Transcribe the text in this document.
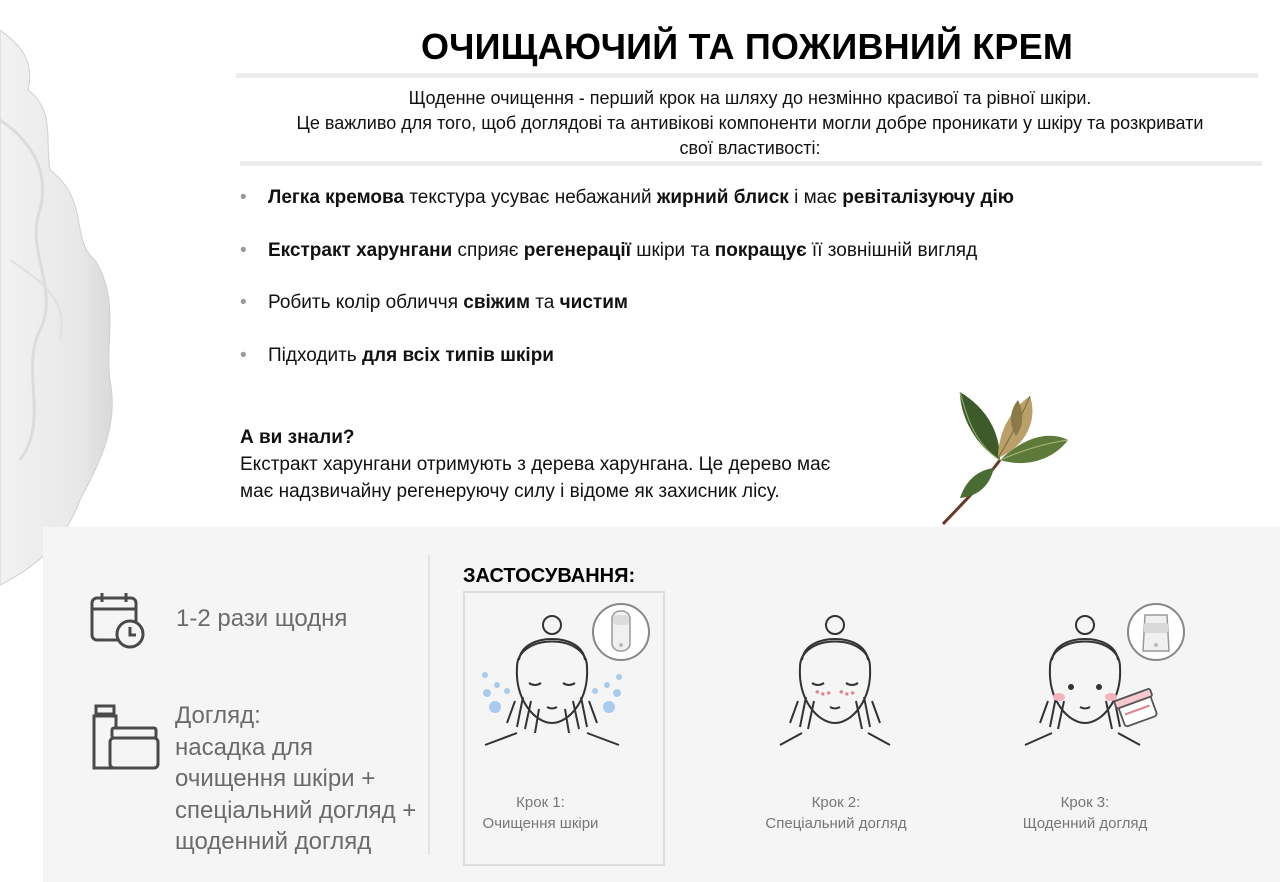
ОЧИЩАЮЧИЙ ТА ПОЖИВНИЙ КРЕМ

Щоденне очищення - перший крок на шляху до незмінно красивої та рівної шкіри.

Це важливо для того, щоб доглядові та антивікові компоненти могли добре проникати у шкіру та розкривати

свої властивості:

• Легка кремова текстура усуває небажаний жирний блиск і має ревіталізуючу дію
• Екстракт харунгани сприяє регенерації шкіри та покращує її зовнішній вигляд
• Робить колір обличчя свіжим та чистим
• Підходить для всіх типів шкіри
А ви знали?
Екстракт харунгани отримують з дерева харунгана. Це дерево має
має надзвичайну регенеруючу силу і відоме як захисник лісу.
1-2 рази щодня
Догляд:
насадка для
очищення шкіри +
спеціальний догляд +
щоденний догляд
ЗАСТОСУВАННЯ:
Крок 1:
Очищення шкіри
Крок 2:
Спеціальний догляд
Крок 3:
Щоденний догляд
